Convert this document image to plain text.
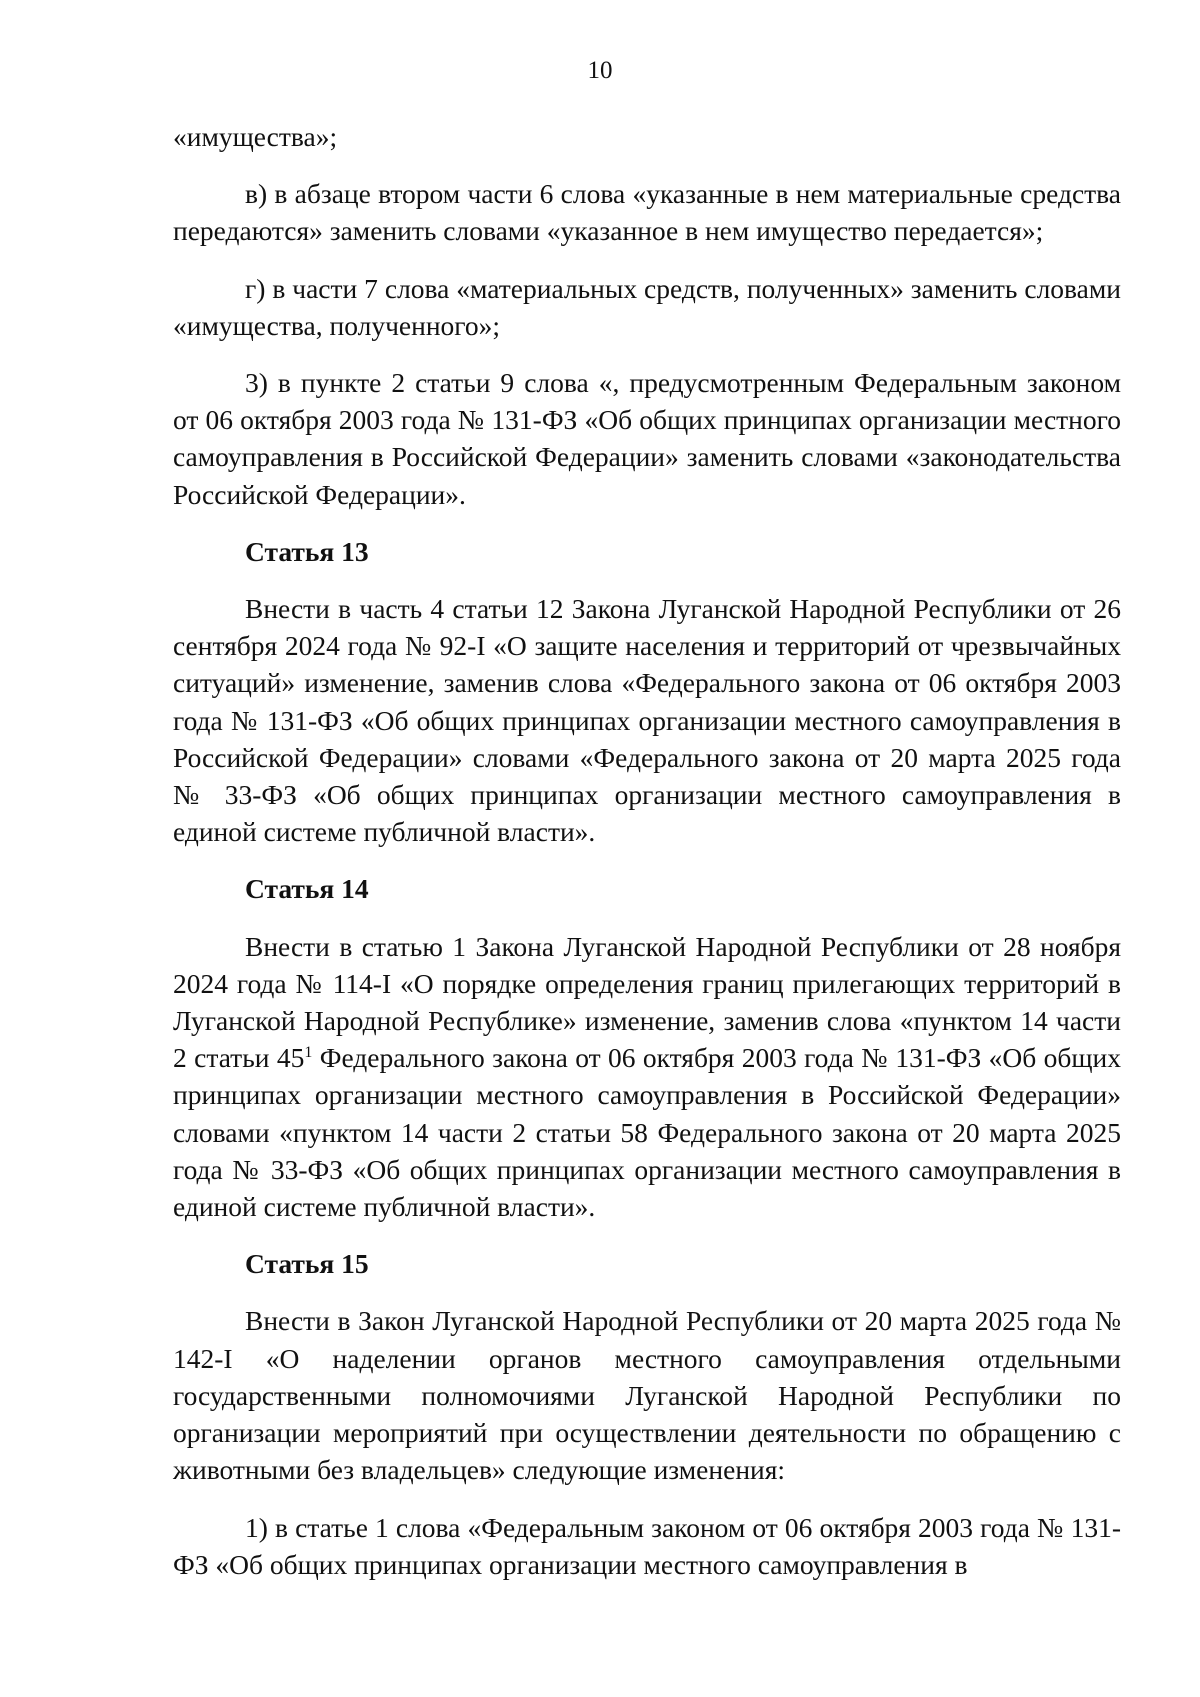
10

«имущества»;

в) в абзаце втором части 6 слова «указанные в нем материальные средства передаются» заменить словами «указанное в нем имущество передается»;

г) в части 7 слова «материальных средств, полученных» заменить словами «имущества, полученного»;

3) в пункте 2 статьи 9 слова «, предусмотренным Федеральным законом от 06 октября 2003 года № 131-ФЗ «Об общих принципах организации местного самоуправления в Российской Федерации» заменить словами «законодательства Российской Федерации».

Статья 13

Внести в часть 4 статьи 12 Закона Луганской Народной Республики от 26 сентября 2024 года № 92-I «О защите населения и территорий от чрезвычайных ситуаций» изменение, заменив слова «Федерального закона от 06 октября 2003 года № 131-ФЗ «Об общих принципах организации местного самоуправления в Российской Федерации» словами «Федерального закона от 20 марта 2025 года № 33-ФЗ «Об общих принципах организации местного самоуправления в единой системе публичной власти».

Статья 14

Внести в статью 1 Закона Луганской Народной Республики от 28 ноября 2024 года № 114-I «О порядке определения границ прилегающих территорий в Луганской Народной Республике» изменение, заменив слова «пунктом 14 части 2 статьи $45^1$ Федерального закона от 06 октября 2003 года № 131-ФЗ «Об общих принципах организации местного самоуправления в Российской Федерации» словами «пунктом 14 части 2 статьи 58 Федерального закона от 20 марта 2025 года № 33-ФЗ «Об общих принципах организации местного самоуправления в единой системе публичной власти».

Статья 15

Внести в Закон Луганской Народной Республики от 20 марта 2025 года № 142-I «О наделении органов местного самоуправления отдельными государственными полномочиями Луганской Народной Республики по организации мероприятий при осуществлении деятельности по обращению с животными без владельцев» следующие изменения:

1) в статье 1 слова «Федеральным законом от 06 октября 2003 года № 131-ФЗ «Об общих принципах организации местного самоуправления в
